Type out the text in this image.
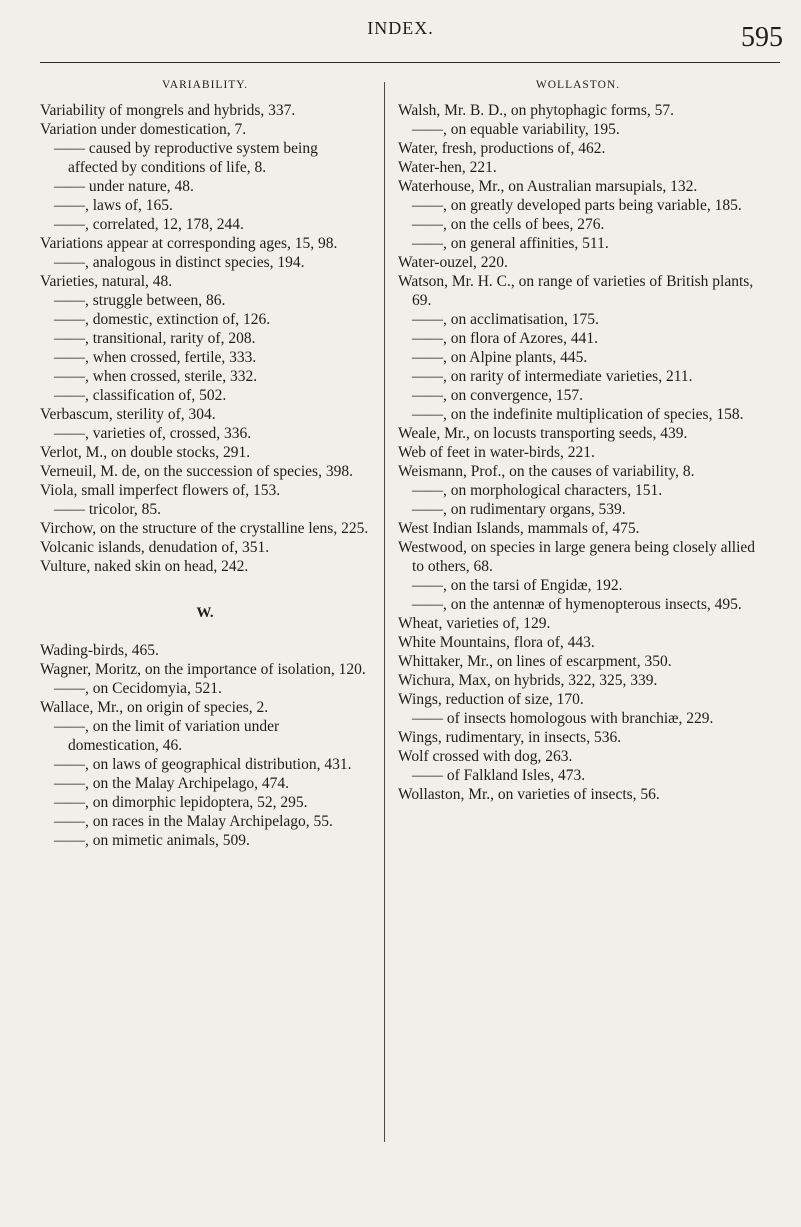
INDEX.	595
VARIABILITY.

Variability of mongrels and hybrids, 337.

Variation under domestication, 7.

—— caused by reproductive system being affected by conditions of life, 8.

—— under nature, 48.

——, laws of, 165.

——, correlated, 12, 178, 244.

Variations appear at corresponding ages, 15, 98.

——, analogous in distinct species, 194.

Varieties, natural, 48.

——, struggle between, 86.

——, domestic, extinction of, 126.

——, transitional, rarity of, 208.

——, when crossed, fertile, 333.

——, when crossed, sterile, 332.

——, classification of, 502.

Verbascum, sterility of, 304.

——, varieties of, crossed, 336.

Verlot, M., on double stocks, 291.

Verneuil, M. de, on the succession of species, 398.

Viola, small imperfect flowers of, 153.

—— tricolor, 85.

Virchow, on the structure of the crystalline lens, 225.

Volcanic islands, denudation of, 351.

Vulture, naked skin on head, 242.

W.

Wading-birds, 465.

Wagner, Moritz, on the importance of isolation, 120.

——, on Cecidomyia, 521.

Wallace, Mr., on origin of species, 2.

——, on the limit of variation under domestication, 46.

——, on laws of geographical distribution, 431.

——, on the Malay Archipelago, 474.

——, on dimorphic lepidoptera, 52, 295.

——, on races in the Malay Archipelago, 55.

——, on mimetic animals, 509.

WOLLASTON.

Walsh, Mr. B. D., on phytophagic forms, 57.

——, on equable variability, 195.

Water, fresh, productions of, 462.

Water-hen, 221.

Waterhouse, Mr., on Australian marsupials, 132.

——, on greatly developed parts being variable, 185.

——, on the cells of bees, 276.

——, on general affinities, 511.

Water-ouzel, 220.

Watson, Mr. H. C., on range of varieties of British plants, 69.

——, on acclimatisation, 175.

——, on flora of Azores, 441.

——, on Alpine plants, 445.

——, on rarity of intermediate varieties, 211.

——, on convergence, 157.

——, on the indefinite multiplication of species, 158.

Weale, Mr., on locusts transporting seeds, 439.

Web of feet in water-birds, 221.

Weismann, Prof., on the causes of variability, 8.

——, on morphological characters, 151.

——, on rudimentary organs, 539.

West Indian Islands, mammals of, 475.

Westwood, on species in large genera being closely allied to others, 68.

——, on the tarsi of Engidæ, 192.

——, on the antennæ of hymenopterous insects, 495.

Wheat, varieties of, 129.

White Mountains, flora of, 443.

Whittaker, Mr., on lines of escarpment, 350.

Wichura, Max, on hybrids, 322, 325, 339.

Wings, reduction of size, 170.

—— of insects homologous with branchiæ, 229.

Wings, rudimentary, in insects, 536.

Wolf crossed with dog, 263.

—— of Falkland Isles, 473.

Wollaston, Mr., on varieties of insects, 56.
